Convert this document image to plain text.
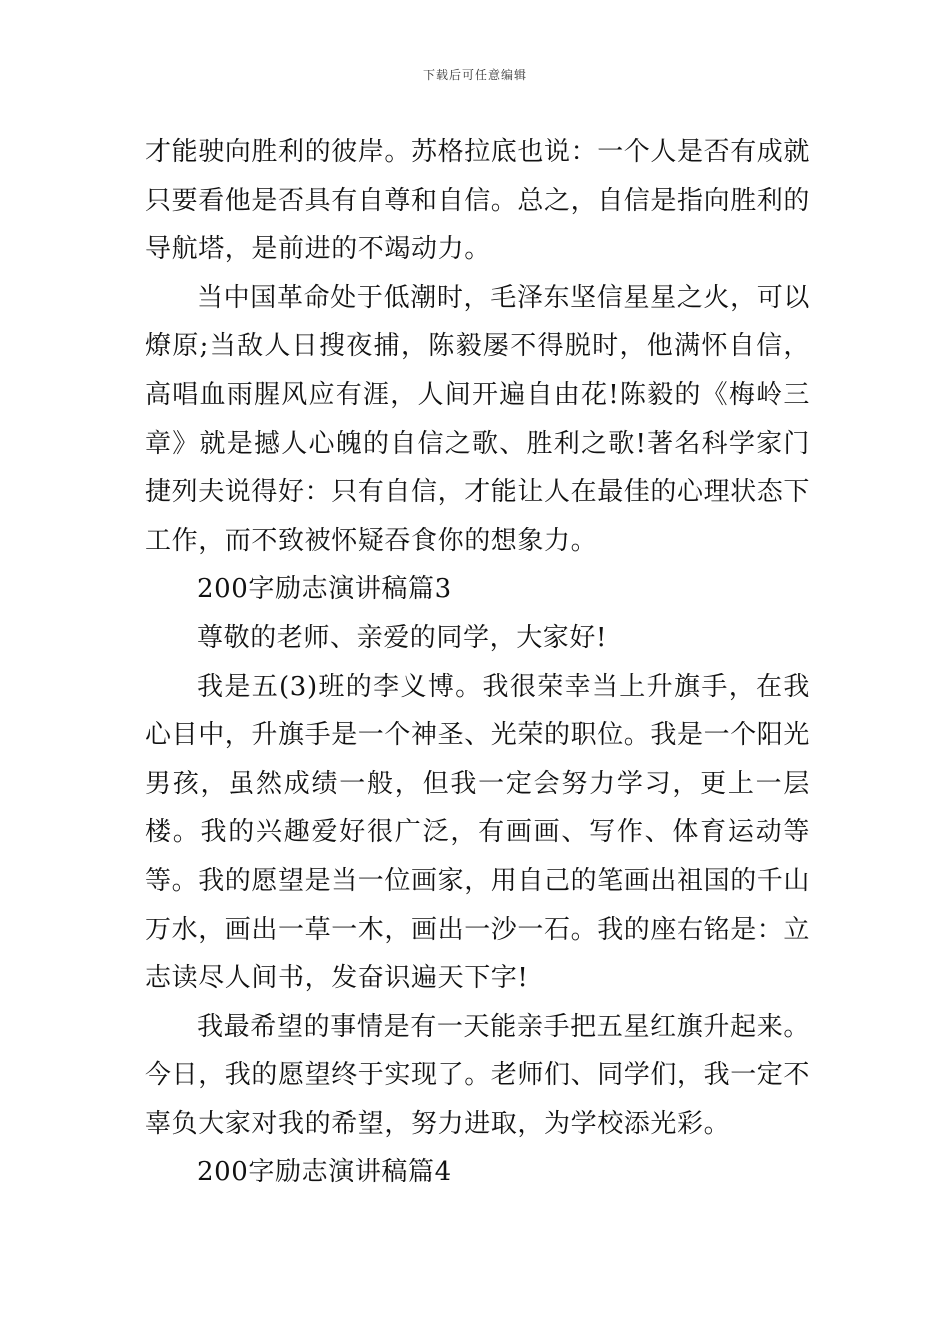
下载后可任意编辑

才能驶向胜利的彼岸。苏格拉底也说：一个人是否有成就只要看他是否具有自尊和自信。总之，自信是指向胜利的导航塔，是前进的不竭动力。

当中国革命处于低潮时，毛泽东坚信星星之火，可以燎原;当敌人日搜夜捕，陈毅屡不得脱时，他满怀自信，高唱血雨腥风应有涯，人间开遍自由花!陈毅的《梅岭三章》就是撼人心魄的自信之歌、胜利之歌!著名科学家门捷列夫说得好：只有自信，才能让人在最佳的心理状态下工作，而不致被怀疑吞食你的想象力。

200字励志演讲稿篇3

尊敬的老师、亲爱的同学，大家好!

我是五(3)班的李义博。我很荣幸当上升旗手，在我心目中，升旗手是一个神圣、光荣的职位。我是一个阳光男孩，虽然成绩一般，但我一定会努力学习，更上一层楼。我的兴趣爱好很广泛，有画画、写作、体育运动等等。我的愿望是当一位画家，用自己的笔画出祖国的千山万水，画出一草一木，画出一沙一石。我的座右铭是：立志读尽人间书，发奋识遍天下字!

我最希望的事情是有一天能亲手把五星红旗升起来。今日，我的愿望终于实现了。老师们、同学们，我一定不辜负大家对我的希望，努力进取，为学校添光彩。

200字励志演讲稿篇4
